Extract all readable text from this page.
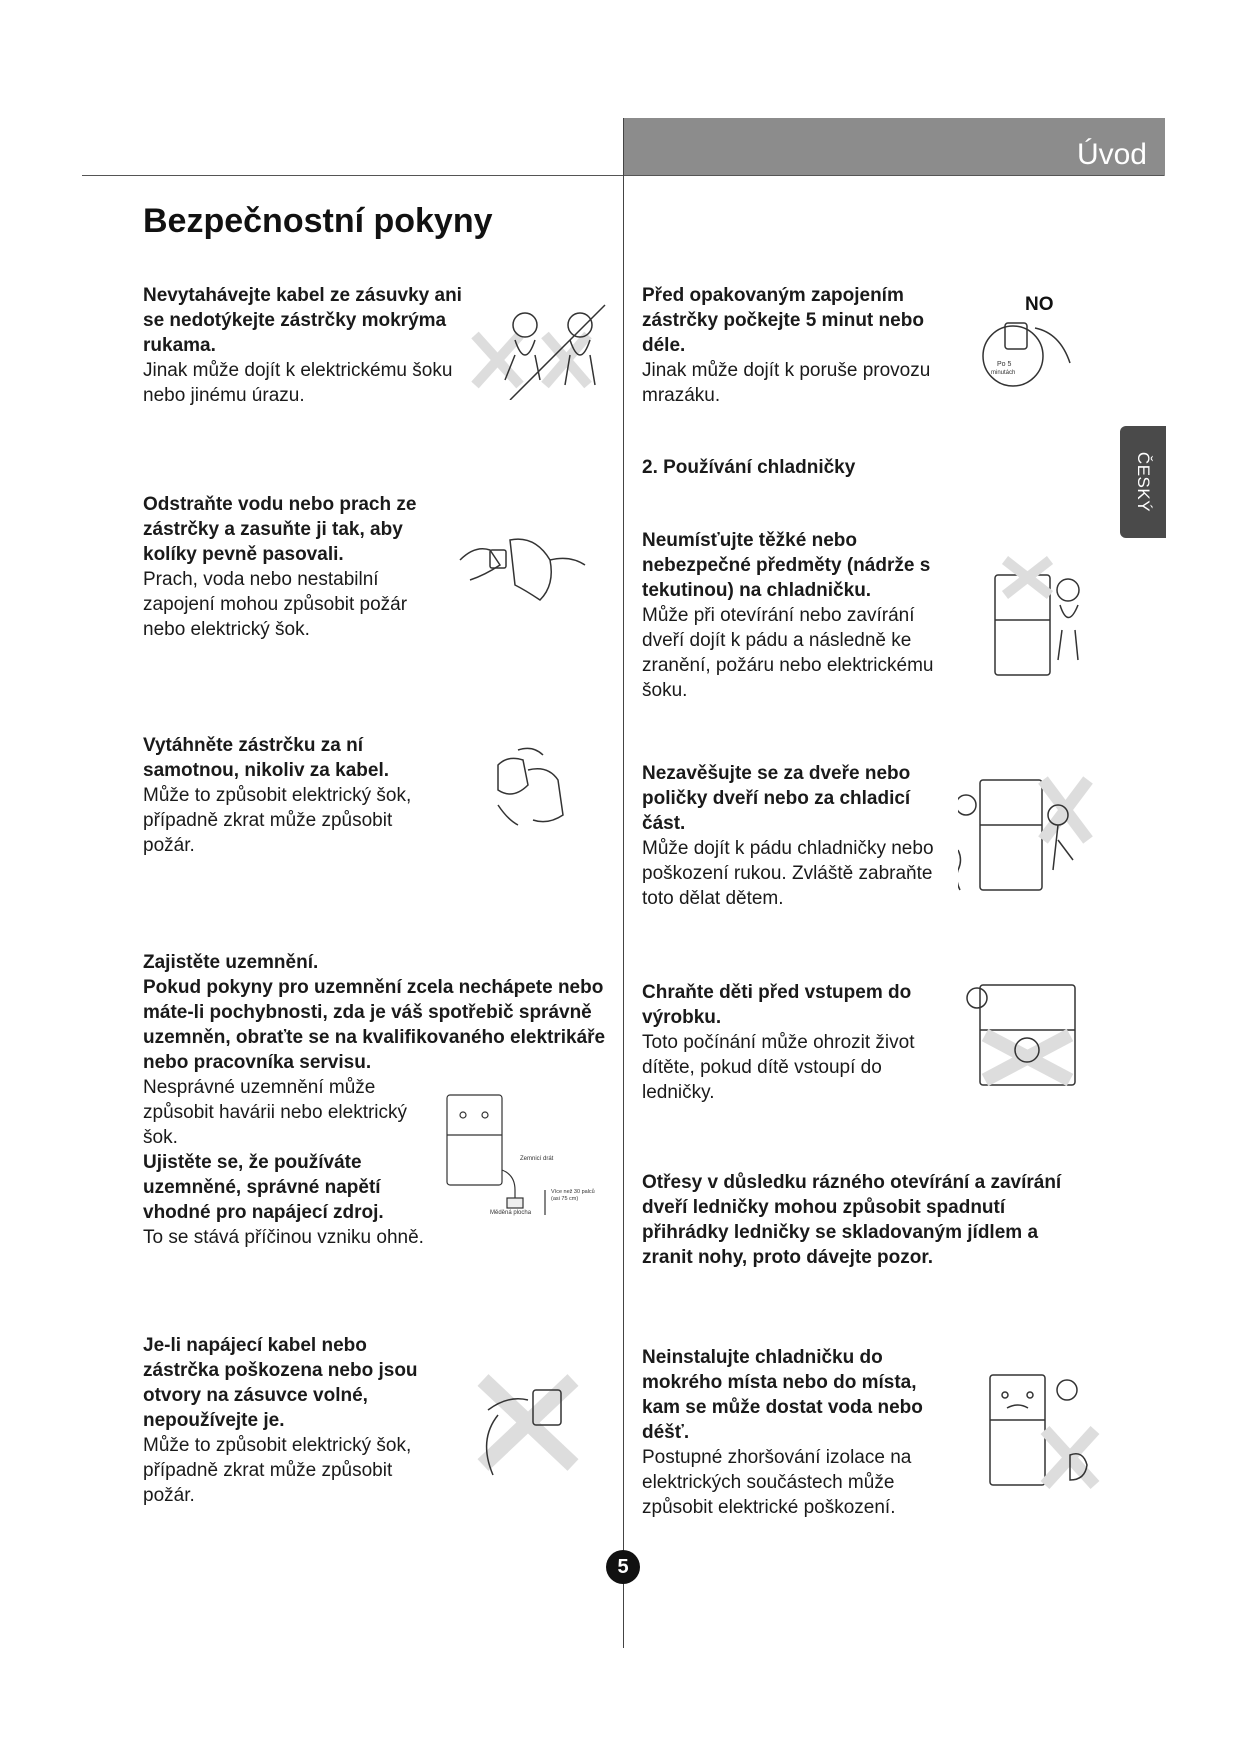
Úvod
ČESKÝ
Bezpečnostní pokyny
Nevytahávejte kabel ze zásuvky ani se nedotýkejte zástrčky mokrýma rukama.
Jinak může dojít k elektrickému šoku nebo jinému úrazu.
Odstraňte vodu nebo prach ze zástrčky a zasuňte ji tak, aby kolíky pevně pasovali.
Prach, voda nebo nestabilní zapojení mohou způsobit požár nebo elektrický šok.
Vytáhněte zástrčku za ní samotnou, nikoliv za kabel.
Může to způsobit elektrický šok, případně zkrat může způsobit požár.
Zajistěte uzemnění.
Pokud pokyny pro uzemnění zcela nechápete nebo máte-li pochybnosti, zda je váš spotřebič správně uzemněn, obraťte se na kvalifikovaného elektrikáře nebo pracovníka servisu.
Nesprávné uzemnění může způsobit havárii nebo elektrický šok.
Ujistěte se, že používáte uzemněné, správné napětí vhodné pro napájecí zdroj.
To se stává příčinou vzniku ohně.
Je-li napájecí kabel nebo zástrčka poškozena nebo jsou otvory na zásuvce volné, nepoužívejte je.
Může to způsobit elektrický šok, případně zkrat může způsobit požár.
Před opakovaným zapojením zástrčky počkejte 5 minut nebo déle.
Jinak může dojít k poruše provozu mrazáku.
2. Používání chladničky
Neumísťujte těžké nebo nebezpečné předměty (nádrže s tekutinou) na chladničku.
Může při otevírání nebo zavírání dveří dojít k pádu a následně ke zranění, požáru nebo elektrickému šoku.
Nezavěšujte se za dveře nebo poličky dveří nebo za chladicí část.
Může dojít k pádu chladničky nebo poškození rukou. Zvláště zabraňte toto dělat dětem.
Chraňte děti před vstupem do výrobku.
Toto počínání může ohrozit život dítěte, pokud dítě vstoupí do ledničky.
Otřesy v důsledku rázného otevírání a zavírání dveří ledničky mohou způsobit spadnutí přihrádky ledničky se skladovaným jídlem a zranit nohy, proto dávejte pozor.
Neinstalujte chladničku do mokrého místa nebo do místa, kam se může dostat voda nebo déšť.
Postupné zhoršování izolace na elektrických součástech může způsobit elektrické poškození.
Zemnicí drát
Více než 30 palců
(asi 75 cm)
Měděná plocha
NO
Po 5
minutách
5
